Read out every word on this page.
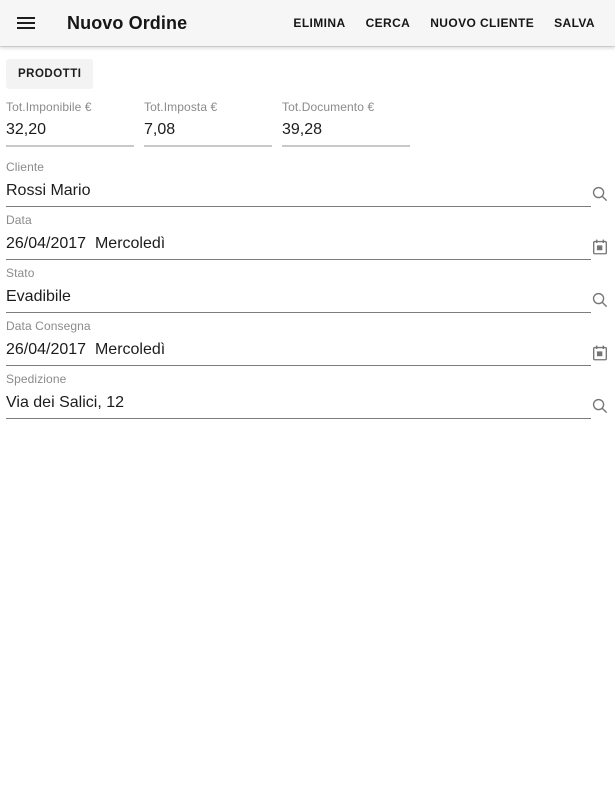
Nuovo Ordine	ELIMINA	CERCA	NUOVO CLIENTE	SALVA
PRODOTTI
Tot.Imponibile €
32,20
Tot.Imposta €
7,08
Tot.Documento €
39,28
Cliente
Rossi Mario
Data
26/04/2017  Mercoledì
Stato
Evadibile
Data Consegna
26/04/2017  Mercoledì
Spedizione
Via dei Salici, 12
